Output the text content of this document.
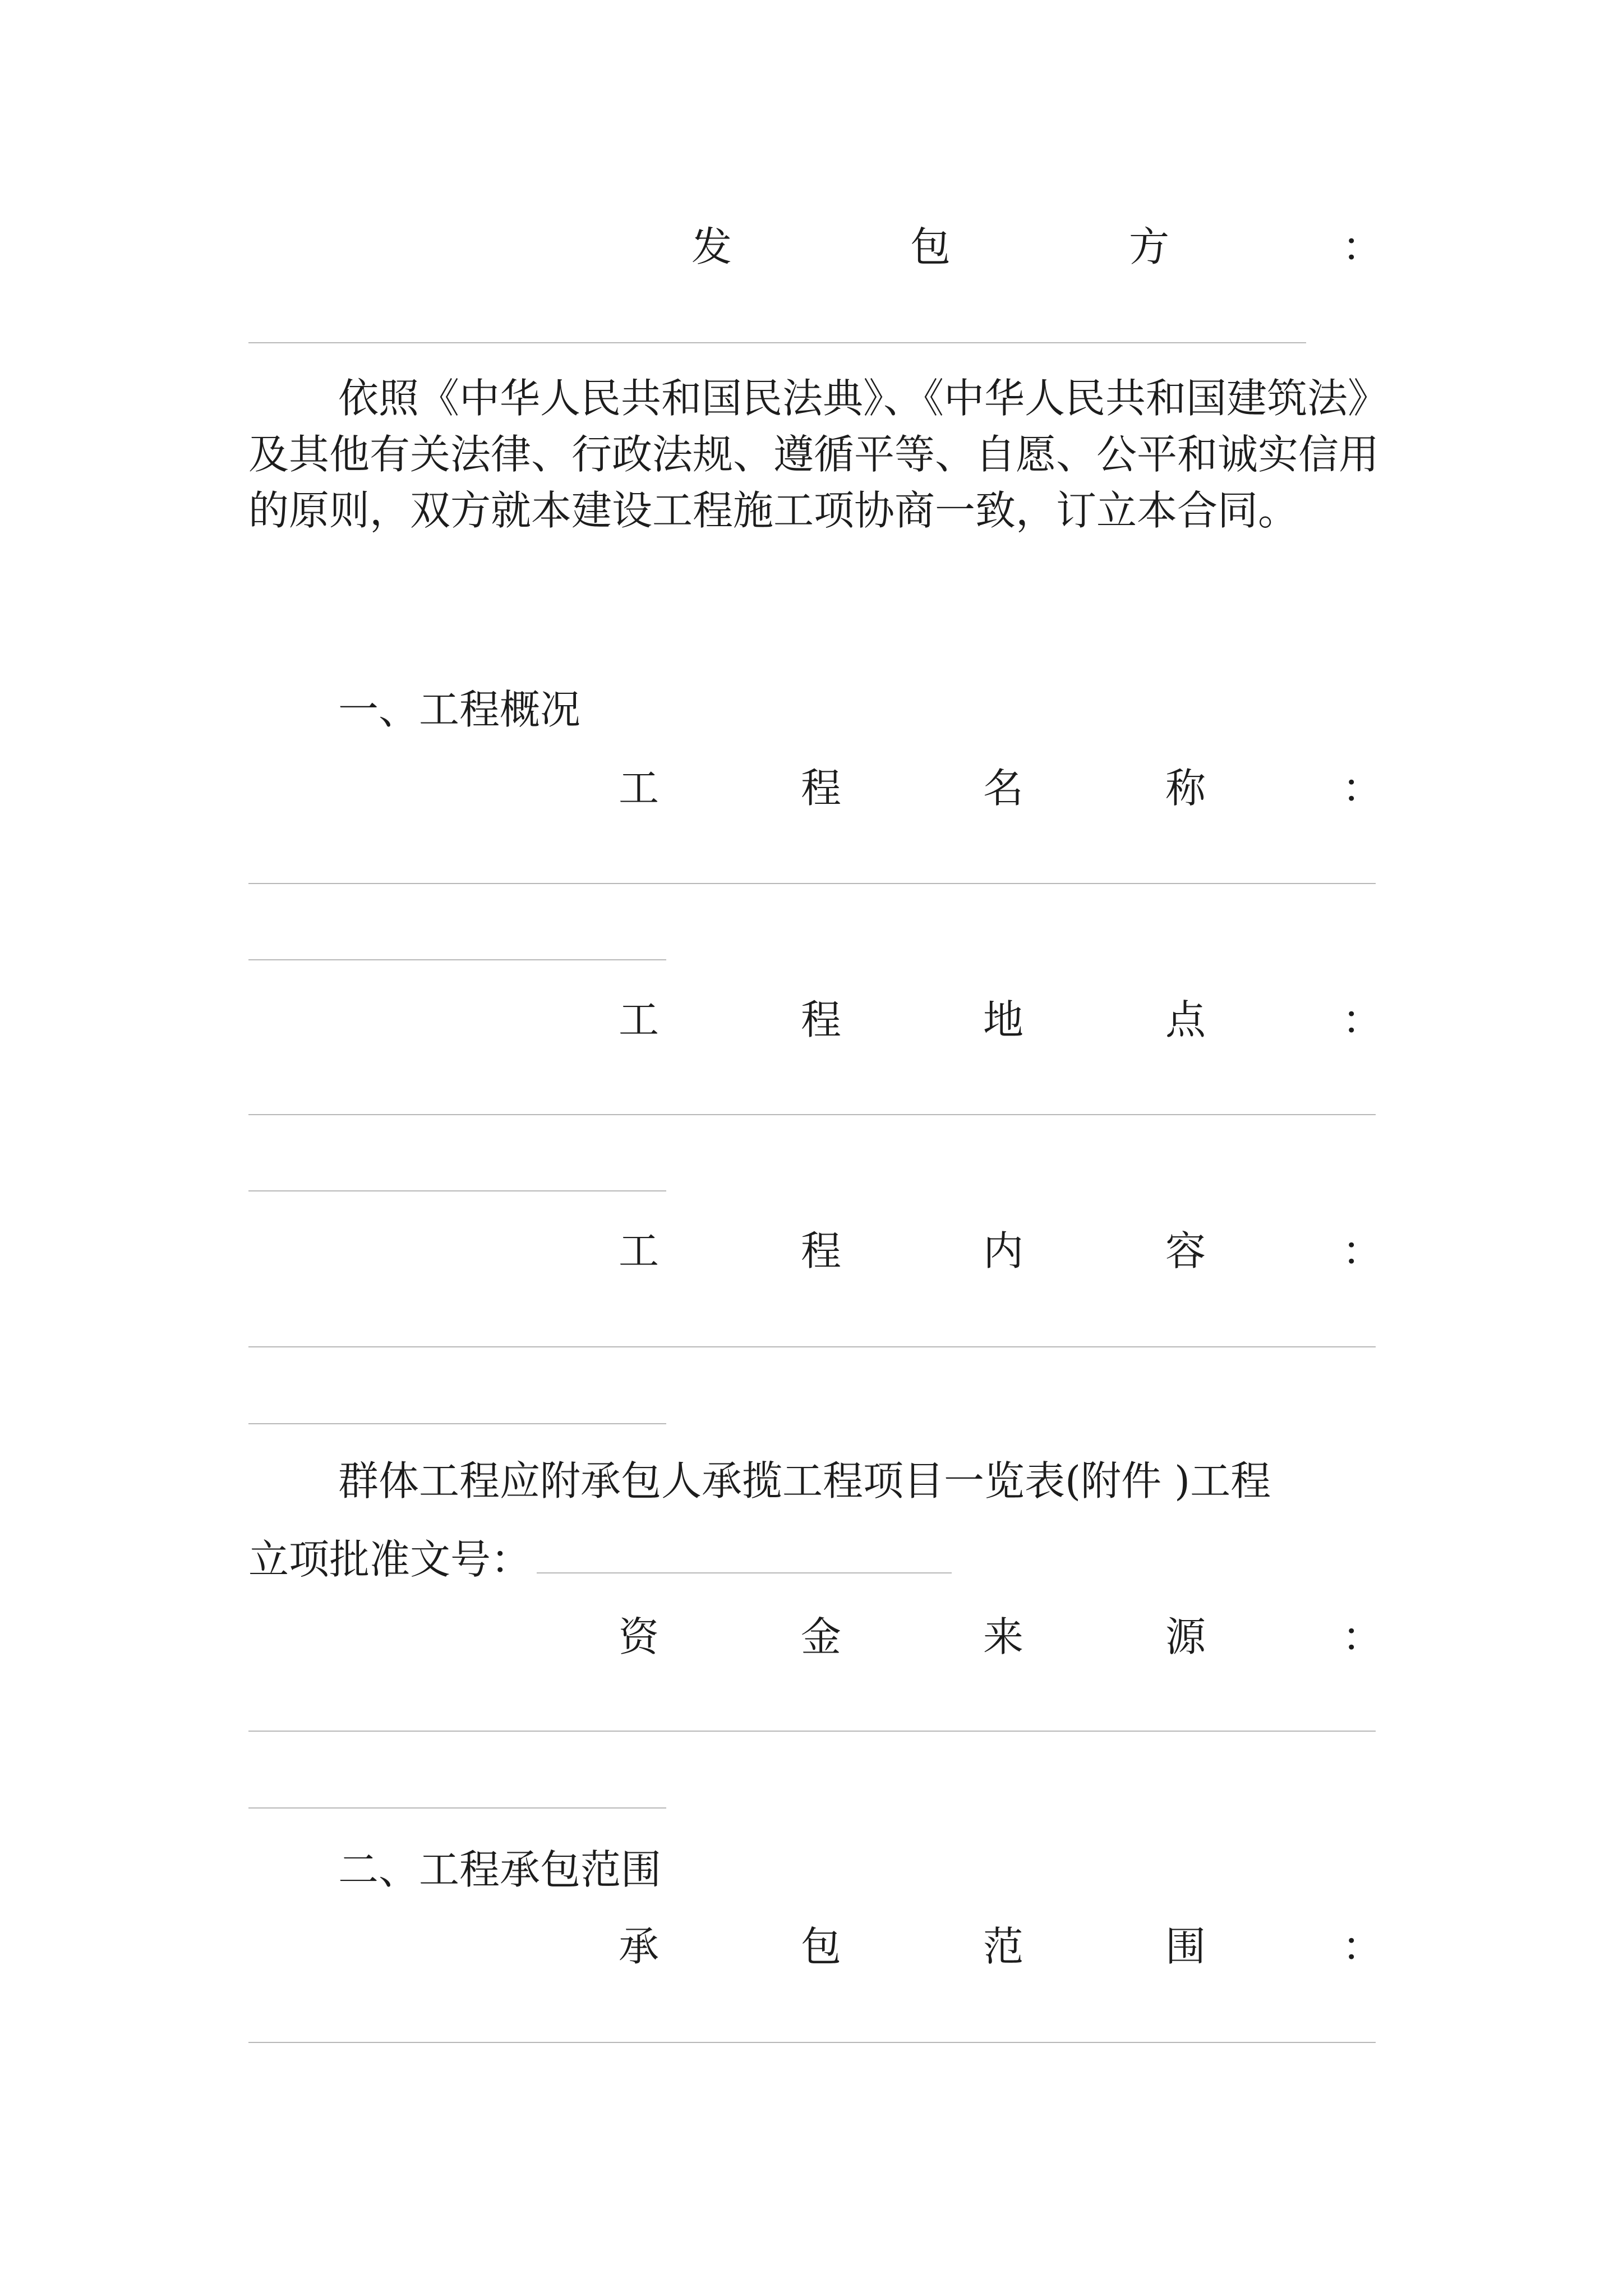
发	包	方	：
依照《中华人民共和国民法典》、《中华人民共和国建筑法》及其他有关法律、行政法规、遵循平等、自愿、公平和诚实信用的原则，双方就本建设工程施工项协商一致，订立本合同。
一、工程概况
工	程	名	称	：
工	程	地	点	：
工	程	内	容	：
群体工程应附承包人承揽工程项目一览表(附件 )工程
立项批准文号：
资	金	来	源	：
二、工程承包范围
承	包	范	围	：
